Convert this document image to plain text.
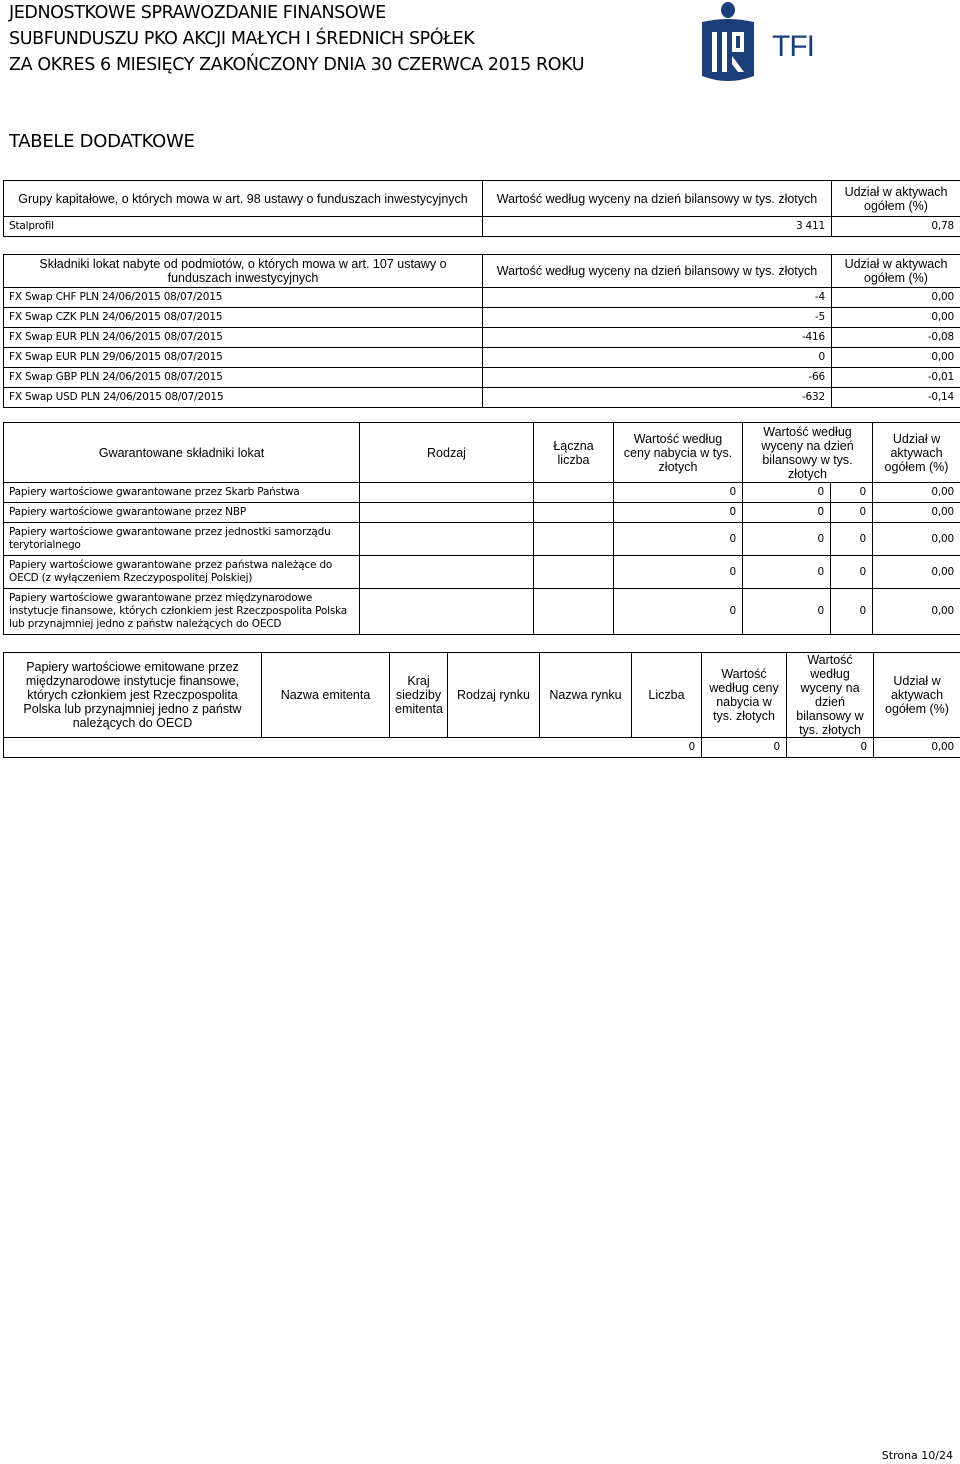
JEDNOSTKOWE SPRAWOZDANIE FINANSOWE
SUBFUNDUSZU PKO AKCJI MAŁYCH I ŚREDNICH SPÓŁEK
ZA OKRES 6 MIESIĘCY ZAKOŃCZONY DNIA 30 CZERWCA 2015 ROKU
TFI
TABELE DODATKOWE
Grupy kapitałowe, o których mowa w art. 98 ustawy o funduszach inwestycyjnych	Wartość według wyceny na dzień bilansowy w tys. złotych	Udział w aktywach ogółem (%)
Stalprofil	3 411	0,78
Składniki lokat nabyte od podmiotów, o których mowa w art. 107 ustawy o funduszach inwestycyjnych	Wartość według wyceny na dzień bilansowy w tys. złotych	Udział w aktywach ogółem (%)
FX Swap CHF PLN 24/06/2015 08/07/2015	-4	0,00
FX Swap CZK PLN 24/06/2015 08/07/2015	-5	0,00
FX Swap EUR PLN 24/06/2015 08/07/2015	-416	-0,08
FX Swap EUR PLN 29/06/2015 08/07/2015	0	0,00
FX Swap GBP PLN 24/06/2015 08/07/2015	-66	-0,01
FX Swap USD PLN 24/06/2015 08/07/2015	-632	-0,14
Gwarantowane składniki lokat	Rodzaj	Łączna liczba	Wartość według ceny nabycia w tys. złotych	Wartość według wyceny na dzień bilansowy w tys. złotych		Udział w aktywach ogółem (%)
Papiery wartościowe gwarantowane przez Skarb Państwa			0	0	0	0,00
Papiery wartościowe gwarantowane przez NBP			0	0	0	0,00
Papiery wartościowe gwarantowane przez jednostki samorządu terytorialnego			0	0	0	0,00
Papiery wartościowe gwarantowane przez państwa należące do OECD (z wyłączeniem Rzeczypospolitej Polskiej)			0	0	0	0,00
Papiery wartościowe gwarantowane przez międzynarodowe instytucje finansowe, których członkiem jest Rzeczpospolita Polska lub przynajmniej jedno z państw należących do OECD			0	0	0	0,00
Papiery wartościowe emitowane przez międzynarodowe instytucje finansowe, których członkiem jest Rzeczpospolita Polska lub przynajmniej jedno z państw należących do OECD	Nazwa emitenta	Kraj siedziby emitenta	Rodzaj rynku	Nazwa rynku	Liczba	Wartość według ceny nabycia w tys. złotych	Wartość według wyceny na dzień bilansowy w tys. złotych	Udział w aktywach ogółem (%)
					0	0	0	0,00
Strona 10/24
